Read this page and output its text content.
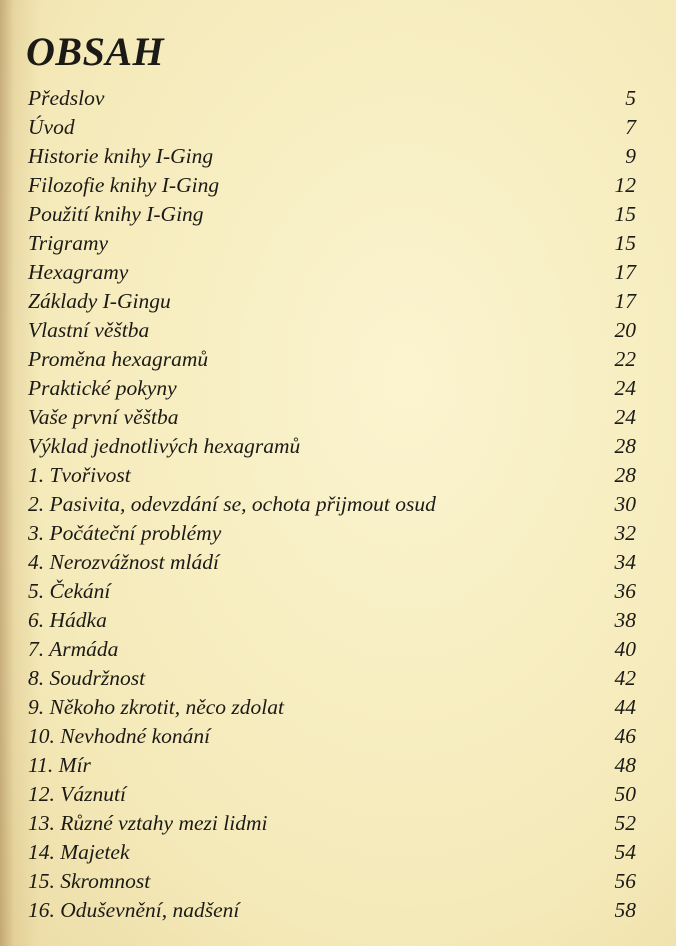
OBSAH
Předslov	5
Úvod	7
Historie knihy I-Ging	9
Filozofie knihy I-Ging	12
Použití knihy I-Ging	15
Trigramy	15
Hexagramy	17
Základy I-Gingu	17
Vlastní věštba	20
Proměna hexagramů	22
Praktické pokyny	24
Vaše první věštba	24
Výklad jednotlivých hexagramů	28
1. Tvořivost	28
2. Pasivita, odevzdání se, ochota přijmout osud	30
3. Počáteční problémy	32
4. Nerozvážnost mládí	34
5. Čekání	36
6. Hádka	38
7. Armáda	40
8. Soudržnost	42
9. Někoho zkrotit, něco zdolat	44
10. Nevhodné konání	46
11. Mír	48
12. Váznutí	50
13. Různé vztahy mezi lidmi	52
14. Majetek	54
15. Skromnost	56
16. Oduševnění, nadšení	58
